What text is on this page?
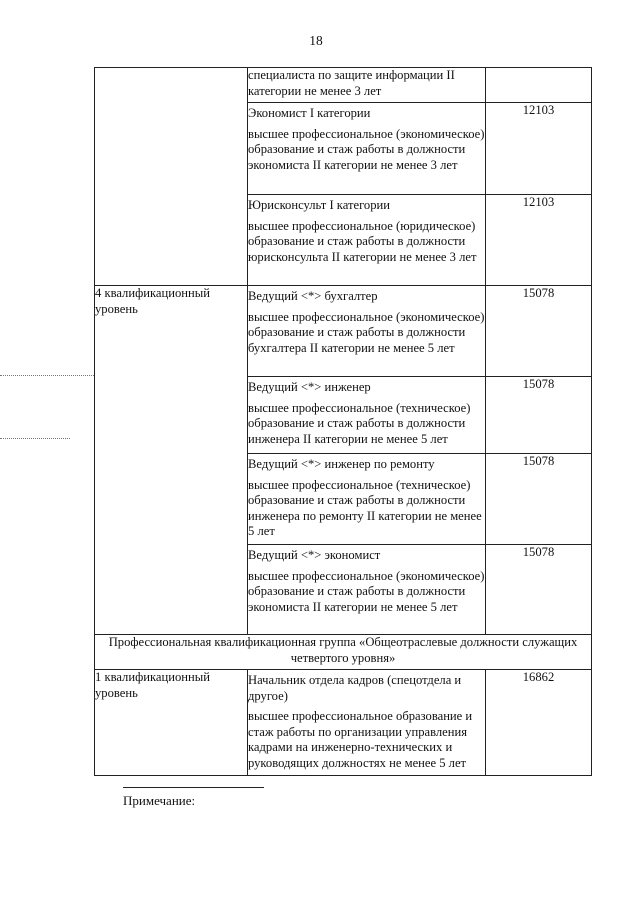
18

	специалиста по защите информации II категории не менее 3 лет	

	Экономист I категории
высшее профессиональное (экономическое) образование и стаж работы в должности экономиста II категории не менее 3 лет	12103

	Юрисконсульт I категории
высшее профессиональное (юридическое) образование и стаж работы в должности юрисконсульта II категории не менее 3 лет	12103
4 квалификационный уровень	Ведущий <*> бухгалтер
высшее профессиональное (экономическое) образование и стаж работы в должности бухгалтера II категории не менее 5 лет	15078

	Ведущий <*> инженер
высшее профессиональное (техническое) образование и стаж работы в должности инженера II категории не менее 5 лет	15078

	Ведущий <*> инженер по ремонту
высшее профессиональное (техническое) образование и стаж работы в должности инженера по ремонту II категории не менее 5 лет	15078

	Ведущий <*> экономист
высшее профессиональное (экономическое) образование и стаж работы в должности экономиста II категории не менее 5 лет	15078
Профессиональная квалификационная группа «Общеотраслевые должности служащих четвертого уровня»		
1 квалификационный уровень	Начальник отдела кадров (спецотдела и другое)
высшее профессиональное образование и стаж работы по организации управления кадрами на инженерно-технических и руководящих должностях не менее 5 лет	16862
Примечание:
